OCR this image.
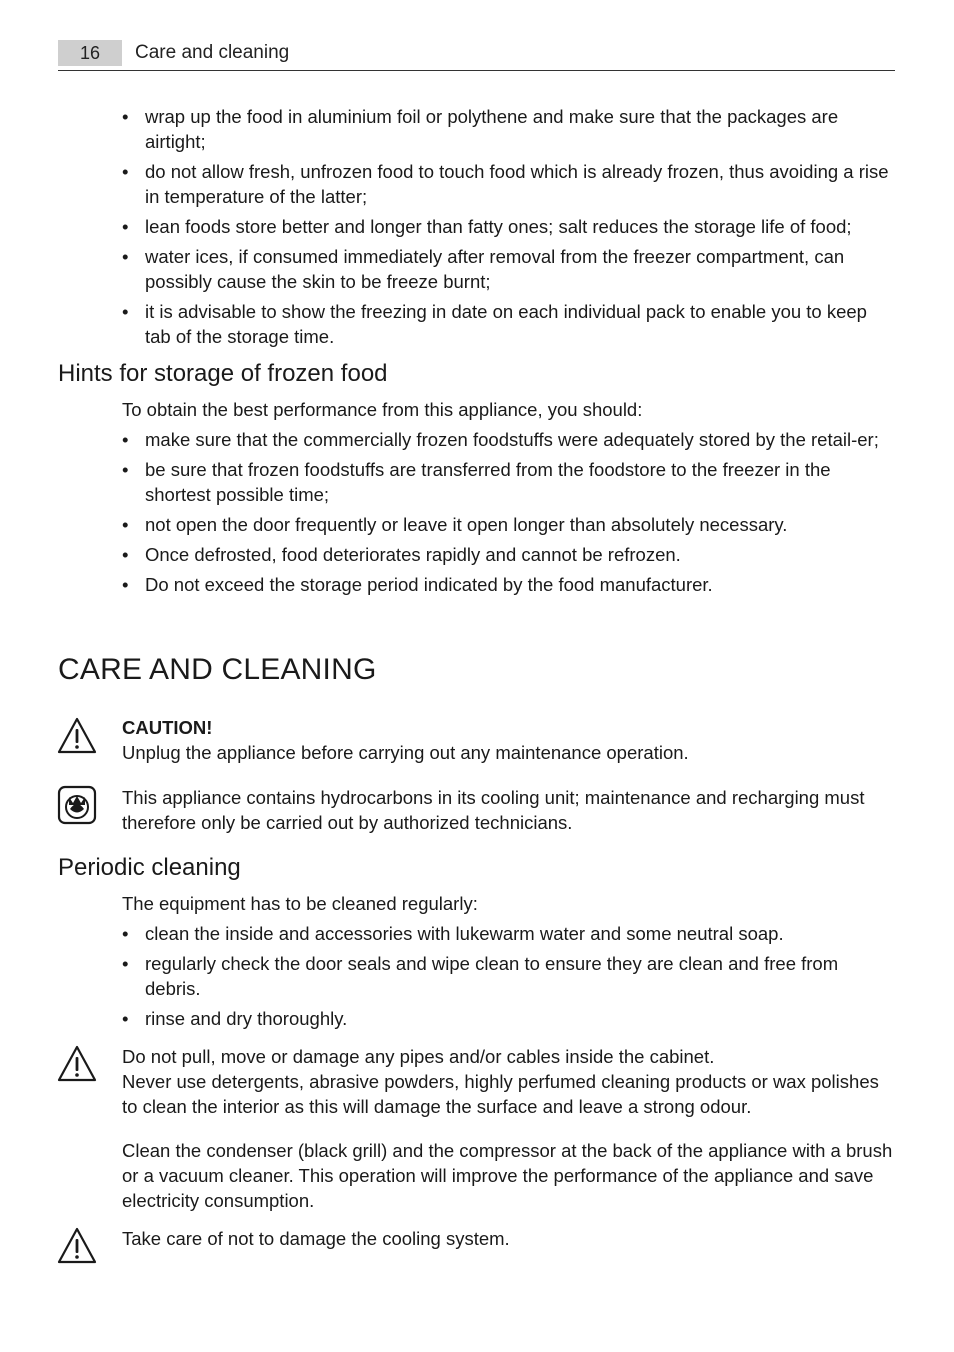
16	Care and cleaning
• wrap up the food in aluminium foil or polythene and make sure that the packages are airtight;
• do not allow fresh, unfrozen food to touch food which is already frozen, thus avoiding a rise in temperature of the latter;
• lean foods store better and longer than fatty ones; salt reduces the storage life of food;
• water ices, if consumed immediately after removal from the freezer compartment, can possibly cause the skin to be freeze burnt;
• it is advisable to show the freezing in date on each individual pack to enable you to keep tab of the storage time.
Hints for storage of frozen food
To obtain the best performance from this appliance, you should:
• make sure that the commercially frozen foodstuffs were adequately stored by the retail-er;
• be sure that frozen foodstuffs are transferred from the foodstore to the freezer in the shortest possible time;
• not open the door frequently or leave it open longer than absolutely necessary.
• Once defrosted, food deteriorates rapidly and cannot be refrozen.
• Do not exceed the storage period indicated by the food manufacturer.
CARE AND CLEANING
CAUTION!
Unplug the appliance before carrying out any maintenance operation.
This appliance contains hydrocarbons in its cooling unit; maintenance and recharging must therefore only be carried out by authorized technicians.
Periodic cleaning
The equipment has to be cleaned regularly:
• clean the inside and accessories with lukewarm water and some neutral soap.
• regularly check the door seals and wipe clean to ensure they are clean and free from debris.
• rinse and dry thoroughly.
Do not pull, move or damage any pipes and/or cables inside the cabinet.
Never use detergents, abrasive powders, highly perfumed cleaning products or wax polishes to clean the interior as this will damage the surface and leave a strong odour.
Clean the condenser (black grill) and the compressor at the back of the appliance with a brush or a vacuum cleaner. This operation will improve the performance of the appliance and save electricity consumption.
Take care of not to damage the cooling system.
